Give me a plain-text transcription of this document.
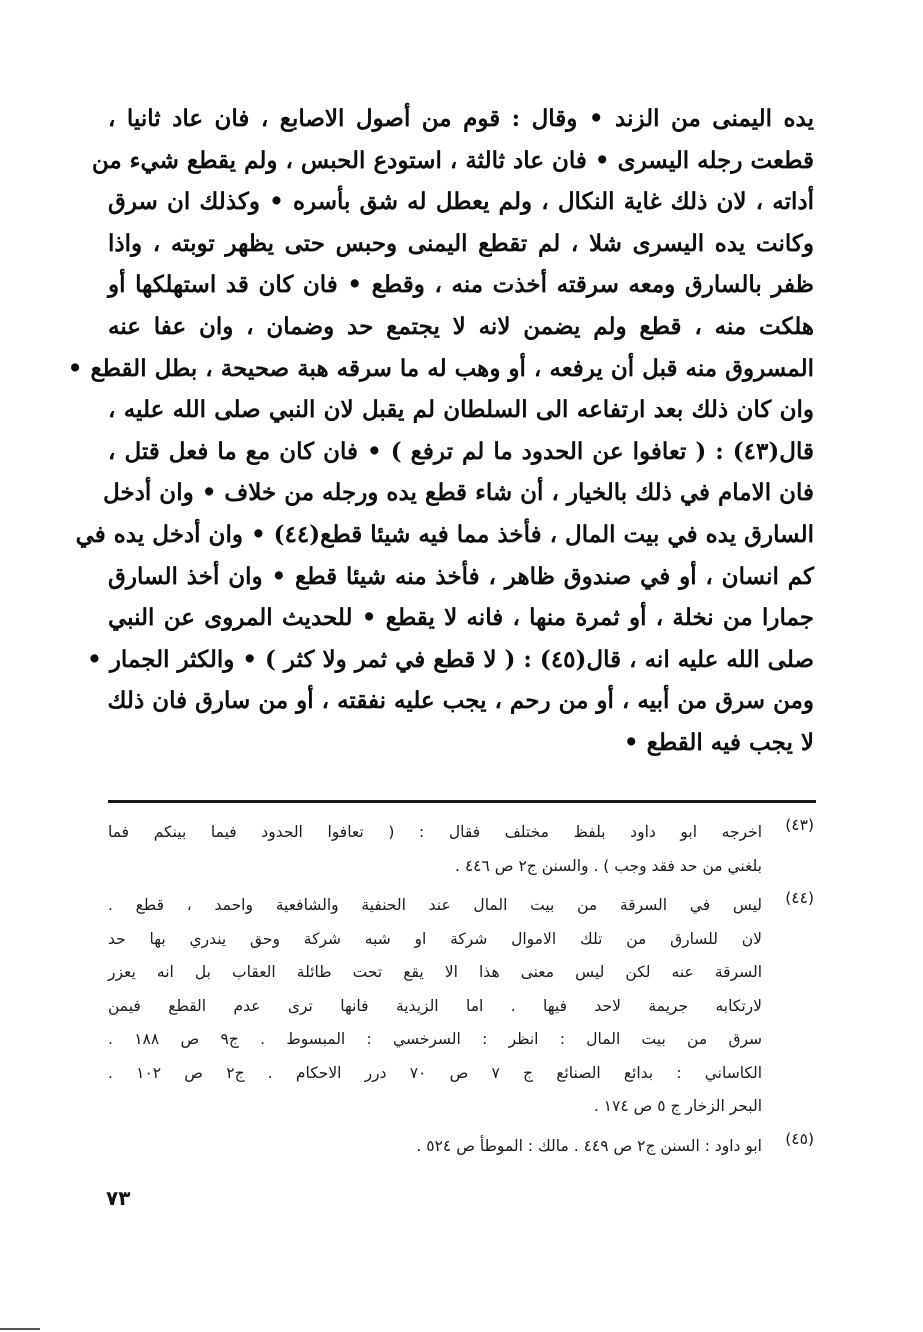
يده اليمنى من الزند • وقال : قوم من أصول الاصابع ، فان عاد ثانيا ،
قطعت رجله اليسرى • فان عاد ثالثة ، استودع الحبس ، ولم يقطع شيء من
أداته ، لان ذلك غاية النكال ، ولم يعطل له شق بأسره • وكذلك ان سرق
وكانت يده اليسرى شلا ، لم تقطع اليمنى وحبس حتى يظهر توبته ، واذا
ظفر بالسارق ومعه سرقته أخذت منه ، وقطع • فان كان قد استهلكها أو
هلكت منه ، قطع ولم يضمن لانه لا يجتمع حد وضمان ، وان عفا عنه
المسروق منه قبل أن يرفعه ، أو وهب له ما سرقه هبة صحيحة ، بطل القطع •
وان كان ذلك بعد ارتفاعه الى السلطان لم يقبل لان النبي صلى الله عليه ،
قال(٤٣) : ( تعافوا عن الحدود ما لم ترفع ) • فان كان مع ما فعل قتل ،
فان الامام في ذلك بالخيار ، أن شاء قطع يده ورجله من خلاف • وان أدخل
السارق يده في بيت المال ، فأخذ مما فيه شيئا قطع(٤٤) • وان أدخل يده في
كم انسان ، أو في صندوق ظاهر ، فأخذ منه شيئا قطع • وان أخذ السارق
جمارا من نخلة ، أو ثمرة منها ، فانه لا يقطع • للحديث المروى عن النبي
صلى الله عليه انه ، قال(٤٥) : ( لا قطع في ثمر ولا كثر ) • والكثر الجمار •
ومن سرق من أبيه ، أو من رحم ، يجب عليه نفقته ، أو من سارق فان ذلك
لا يجب فيه القطع •
(٤٣)
اخرجه ابو داود بلفظ مختلف فقال : ( تعافوا الحدود فيما بينكم فما
بلغني من حد فقد وجب ) . والسنن ج٢ ص ٤٤٦ .
(٤٤)
ليس في السرقة من بيت المال عند الحنفية والشافعية واحمد ، قطع .
لان للسارق من تلك الاموال شركة او شبه شركة وحق يندري بها حد
السرقة عنه لكن ليس معنى هذا الا يقع تحت طائلة العقاب بل انه يعزر
لارتكابه جريمة لاحد فيها . اما الزيدية فانها ترى عدم القطع فيمن
سرق من بيت المال : انظر : السرخسي : المبسوط . ج٩ ص ١٨٨ .
الكاساني : بدائع الصنائع ج ٧ ص ٧٠ درر الاحكام . ج٢ ص ١٠٢ .
البحر الزخار ج ٥ ص ١٧٤ .
(٤٥)
ابو داود : السنن ج٢ ص ٤٤٩ . مالك : الموطأ ص ٥٢٤ .
٧٣
